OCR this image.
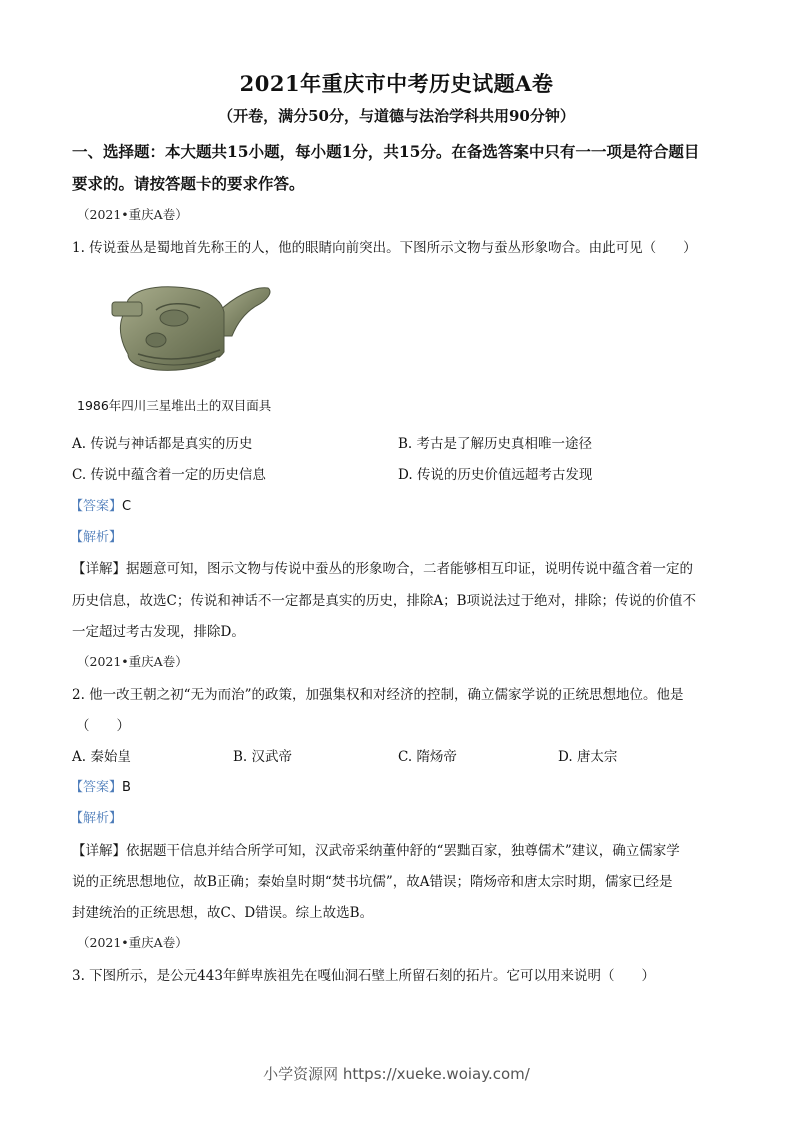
2021年重庆市中考历史试题A卷
（开卷，满分50分，与道德与法治学科共用90分钟）
一、选择题：本大题共15小题，每小题1分，共15分。在备选答案中只有一一项是符合题目
要求的。请按答题卡的要求作答。
（2021•重庆A卷）
1. 传说蚕丛是蜀地首先称王的人，他的眼睛向前突出。下图所示文物与蚕丛形象吻合。由此可见（　　）
1986年四川三星堆出土的双目面具
A. 传说与神话都是真实的历史	B. 考古是了解历史真相唯一途径
C. 传说中蕴含着一定的历史信息	D. 传说的历史价值远超考古发现
【答案】C
【解析】
【详解】据题意可知，图示文物与传说中蚕丛的形象吻合，二者能够相互印证，说明传说中蕴含着一定的
历史信息，故选C；传说和神话不一定都是真实的历史，排除A；B项说法过于绝对，排除；传说的价值不
一定超过考古发现，排除D。
（2021•重庆A卷）
2. 他一改王朝之初“无为而治”的政策，加强集权和对经济的控制，确立儒家学说的正统思想地位。他是
（　　）
A. 秦始皇	B. 汉武帝	C. 隋炀帝	D. 唐太宗
【答案】B
【解析】
【详解】依据题干信息并结合所学可知，汉武帝采纳董仲舒的“罢黜百家，独尊儒术”建议，确立儒家学
说的正统思想地位，故B正确；秦始皇时期“焚书坑儒”，故A错误；隋炀帝和唐太宗时期，儒家已经是
封建统治的正统思想，故C、D错误。综上故选B。
（2021•重庆A卷）
3. 下图所示，是公元443年鲜卑族祖先在嘎仙洞石壁上所留石刻的拓片。它可以用来说明（　　）
小学资源网 https://xueke.woiay.com/
